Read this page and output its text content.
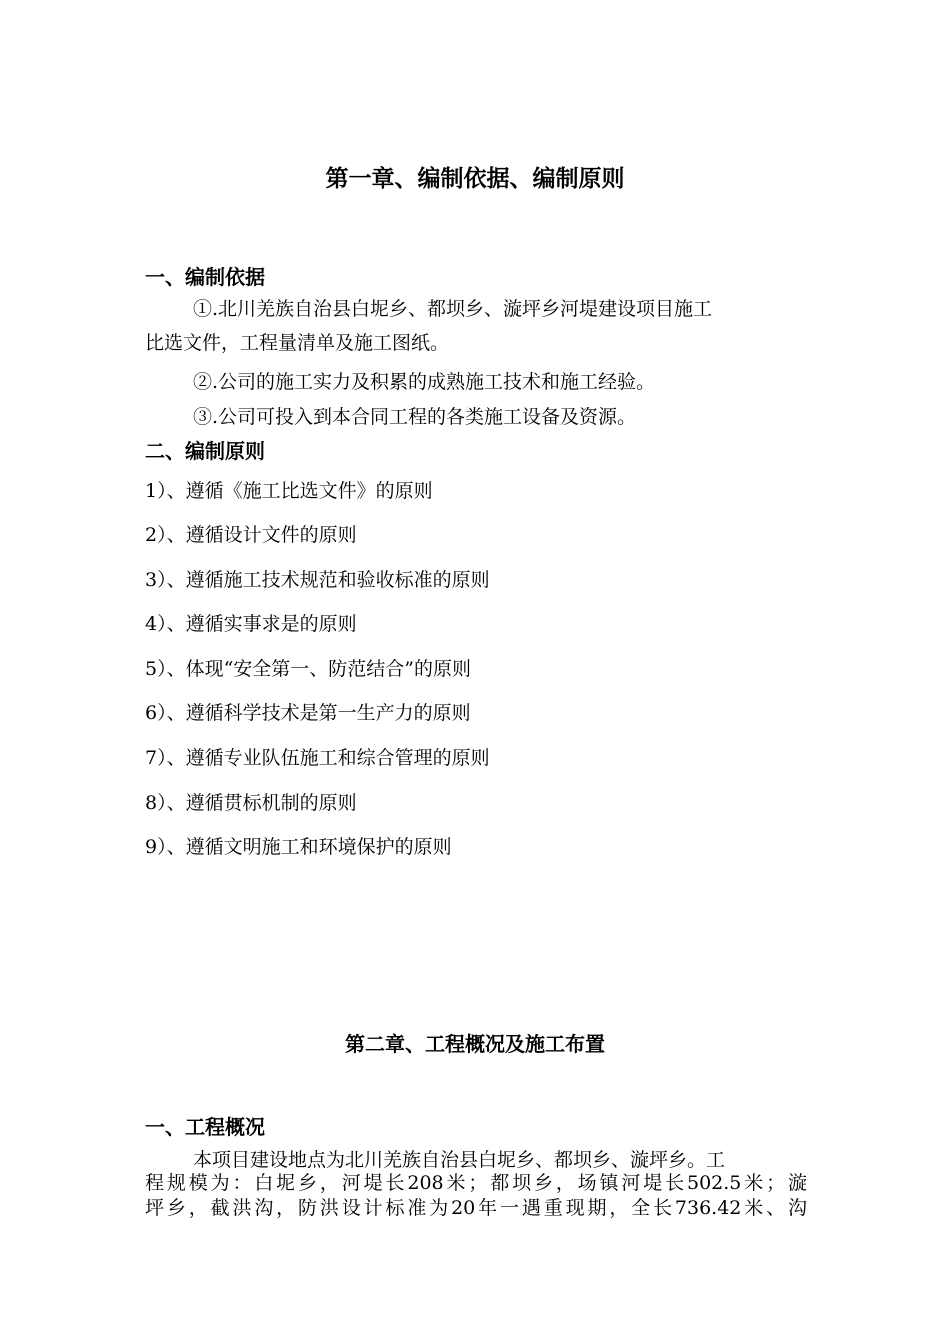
第一章、编制依据、编制原则
一、编制依据
①.北川羌族自治县白坭乡、都坝乡、漩坪乡河堤建设项目施工
比选文件，工程量清单及施工图纸。
②.公司的施工实力及积累的成熟施工技术和施工经验。
③.公司可投入到本合同工程的各类施工设备及资源。
二、编制原则
1）、遵循《施工比选文件》的原则
2）、遵循设计文件的原则
3）、遵循施工技术规范和验收标准的原则
4）、遵循实事求是的原则
5）、体现“安全第一、防范结合”的原则
6）、遵循科学技术是第一生产力的原则
7）、遵循专业队伍施工和综合管理的原则
8）、遵循贯标机制的原则
9）、遵循文明施工和环境保护的原则
第二章、工程概况及施工布置
一、工程概况
本项目建设地点为北川羌族自治县白坭乡、都坝乡、漩坪乡。工
程规模为：白坭乡，河堤长208米；都坝乡，场镇河堤长502.5米；漩
坪乡，截洪沟，防洪设计标准为20年一遇重现期，全长736.42米、沟
